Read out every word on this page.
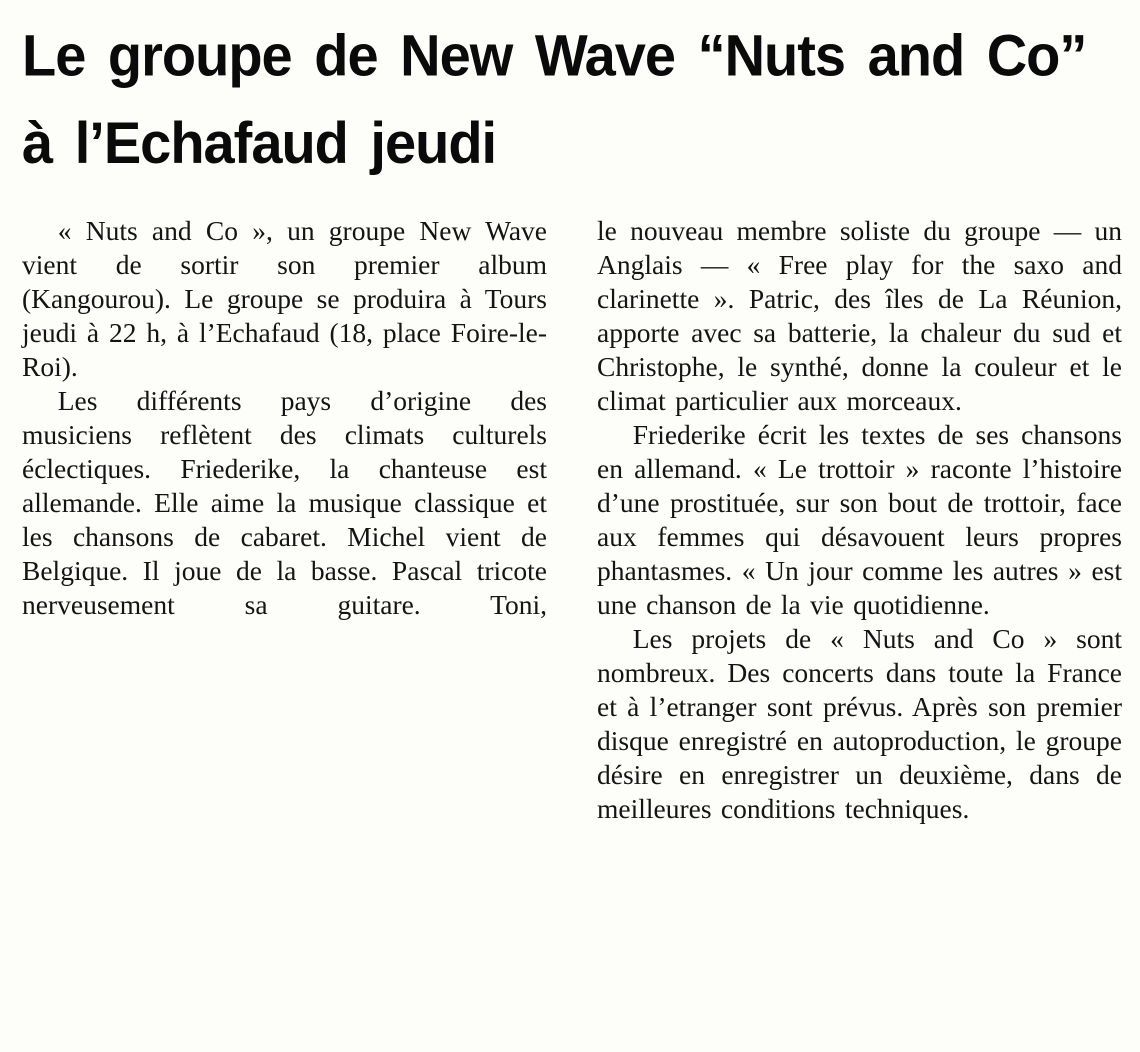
Le groupe de New Wave “Nuts and Co”
à l’Echafaud jeudi

« Nuts and Co », un groupe New Wave vient de sortir son premier album (Kangourou). Le groupe se produira à Tours jeudi à 22 h, à l’Echafaud (18, place Foire-le-Roi).

Les différents pays d’origine des musiciens reflètent des climats culturels éclectiques. Friederike, la chanteuse est allemande. Elle aime la musique classique et les chansons de cabaret. Michel vient de Belgique. Il joue de la basse. Pascal tricote nerveusement sa guitare. Toni,

le nouveau membre soliste du groupe — un Anglais — « Free play for the saxo and clarinette ». Patric, des îles de La Réunion, apporte avec sa batterie, la chaleur du sud et Christophe, le synthé, donne la couleur et le climat particulier aux morceaux.

Friederike écrit les textes de ses chansons en allemand. « Le trottoir » raconte l’histoire d’une prostituée, sur son bout de trottoir, face aux femmes qui désavouent leurs propres phantasmes. « Un jour comme les autres » est une chanson de la vie quotidienne.

Les projets de « Nuts and Co » sont nombreux. Des concerts dans toute la France et à l’etranger sont prévus. Après son premier disque enregistré en autoproduction, le groupe désire en enregistrer un deuxième, dans de meilleures conditions techniques.
